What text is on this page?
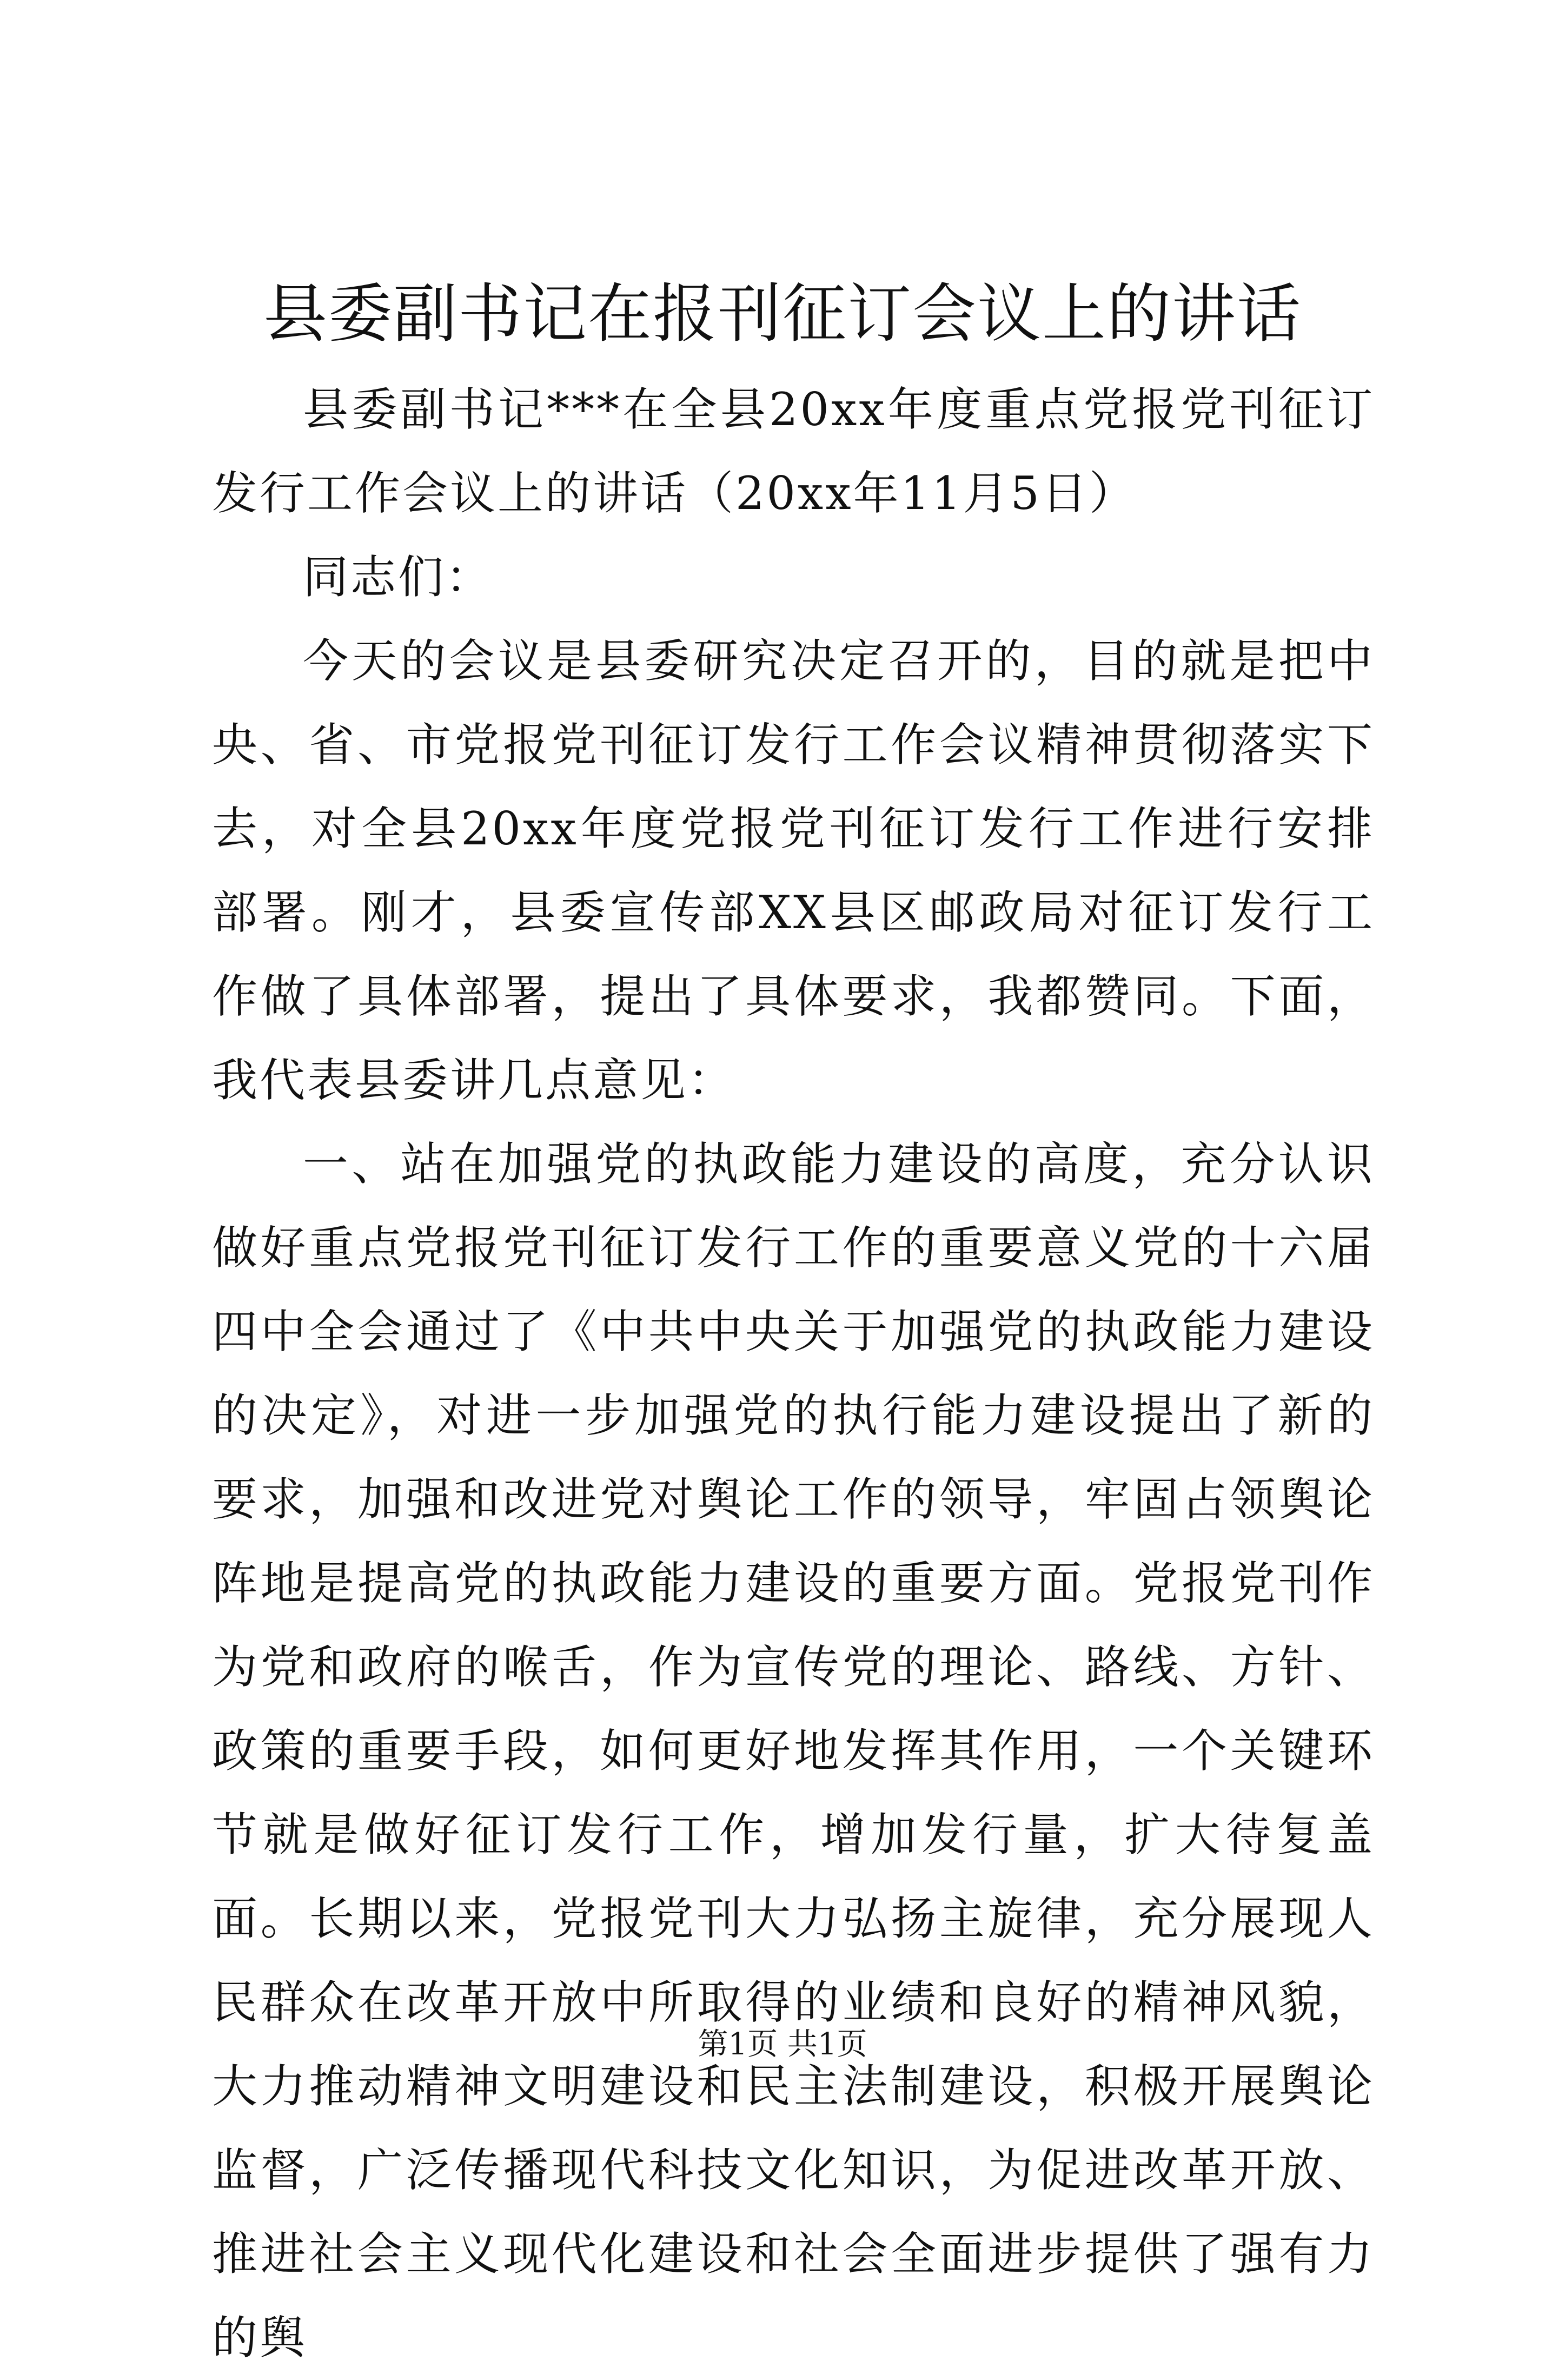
县委副书记在报刊征订会议上的讲话

县委副书记***在全县20xx年度重点党报党刊征订发行工作会议上的讲话（20xx年11月5日）

同志们：

今天的会议是县委研究决定召开的，目的就是把中央、省、市党报党刊征订发行工作会议精神贯彻落实下去，对全县20xx年度党报党刊征订发行工作进行安排部署。刚才，县委宣传部XX县区邮政局对征订发行工作做了具体部署，提出了具体要求，我都赞同。下面，我代表县委讲几点意见：

一、站在加强党的执政能力建设的高度，充分认识做好重点党报党刊征订发行工作的重要意义党的十六届四中全会通过了《中共中央关于加强党的执政能力建设的决定》，对进一步加强党的执行能力建设提出了新的要求，加强和改进党对舆论工作的领导，牢固占领舆论阵地是提高党的执政能力建设的重要方面。党报党刊作为党和政府的喉舌，作为宣传党的理论、路线、方针、政策的重要手段，如何更好地发挥其作用，一个关键环节就是做好征订发行工作，增加发行量，扩大待复盖面。长期以来，党报党刊大力弘扬主旋律，充分展现人民群众在改革开放中所取得的业绩和良好的精神风貌，大力推动精神文明建设和民主法制建设，积极开展舆论监督，广泛传播现代科技文化知识，为促进改革开放、推进社会主义现代化建设和社会全面进步提供了强有力的舆

第1页 共1页
